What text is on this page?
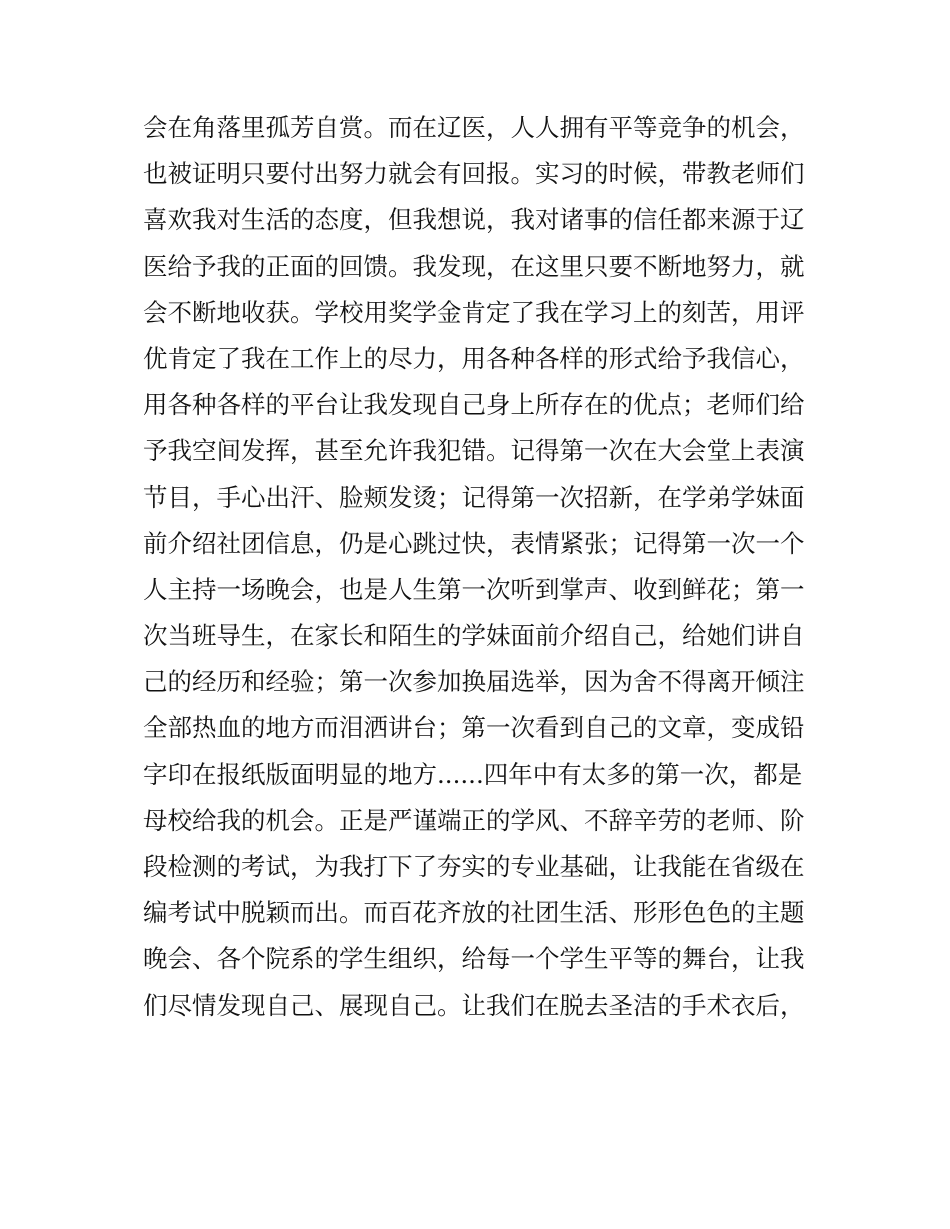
会在角落里孤芳自赏。而在辽医，人人拥有平等竞争的机会，
也被证明只要付出努力就会有回报。实习的时候，带教老师们
喜欢我对生活的态度，但我想说，我对诸事的信任都来源于辽
医给予我的正面的回馈。我发现，在这里只要不断地努力，就
会不断地收获。学校用奖学金肯定了我在学习上的刻苦，用评
优肯定了我在工作上的尽力，用各种各样的形式给予我信心，
用各种各样的平台让我发现自己身上所存在的优点；老师们给
予我空间发挥，甚至允许我犯错。记得第一次在大会堂上表演
节目，手心出汗、脸颊发烫；记得第一次招新，在学弟学妹面
前介绍社团信息，仍是心跳过快，表情紧张；记得第一次一个
人主持一场晚会，也是人生第一次听到掌声、收到鲜花；第一
次当班导生，在家长和陌生的学妹面前介绍自己，给她们讲自
己的经历和经验；第一次参加换届选举，因为舍不得离开倾注
全部热血的地方而泪洒讲台；第一次看到自己的文章，变成铅
字印在报纸版面明显的地方......四年中有太多的第一次，都是
母校给我的机会。正是严谨端正的学风、不辞辛劳的老师、阶
段检测的考试，为我打下了夯实的专业基础，让我能在省级在
编考试中脱颖而出。而百花齐放的社团生活、形形色色的主题
晚会、各个院系的学生组织，给每一个学生平等的舞台，让我
们尽情发现自己、展现自己。让我们在脱去圣洁的手术衣后，
